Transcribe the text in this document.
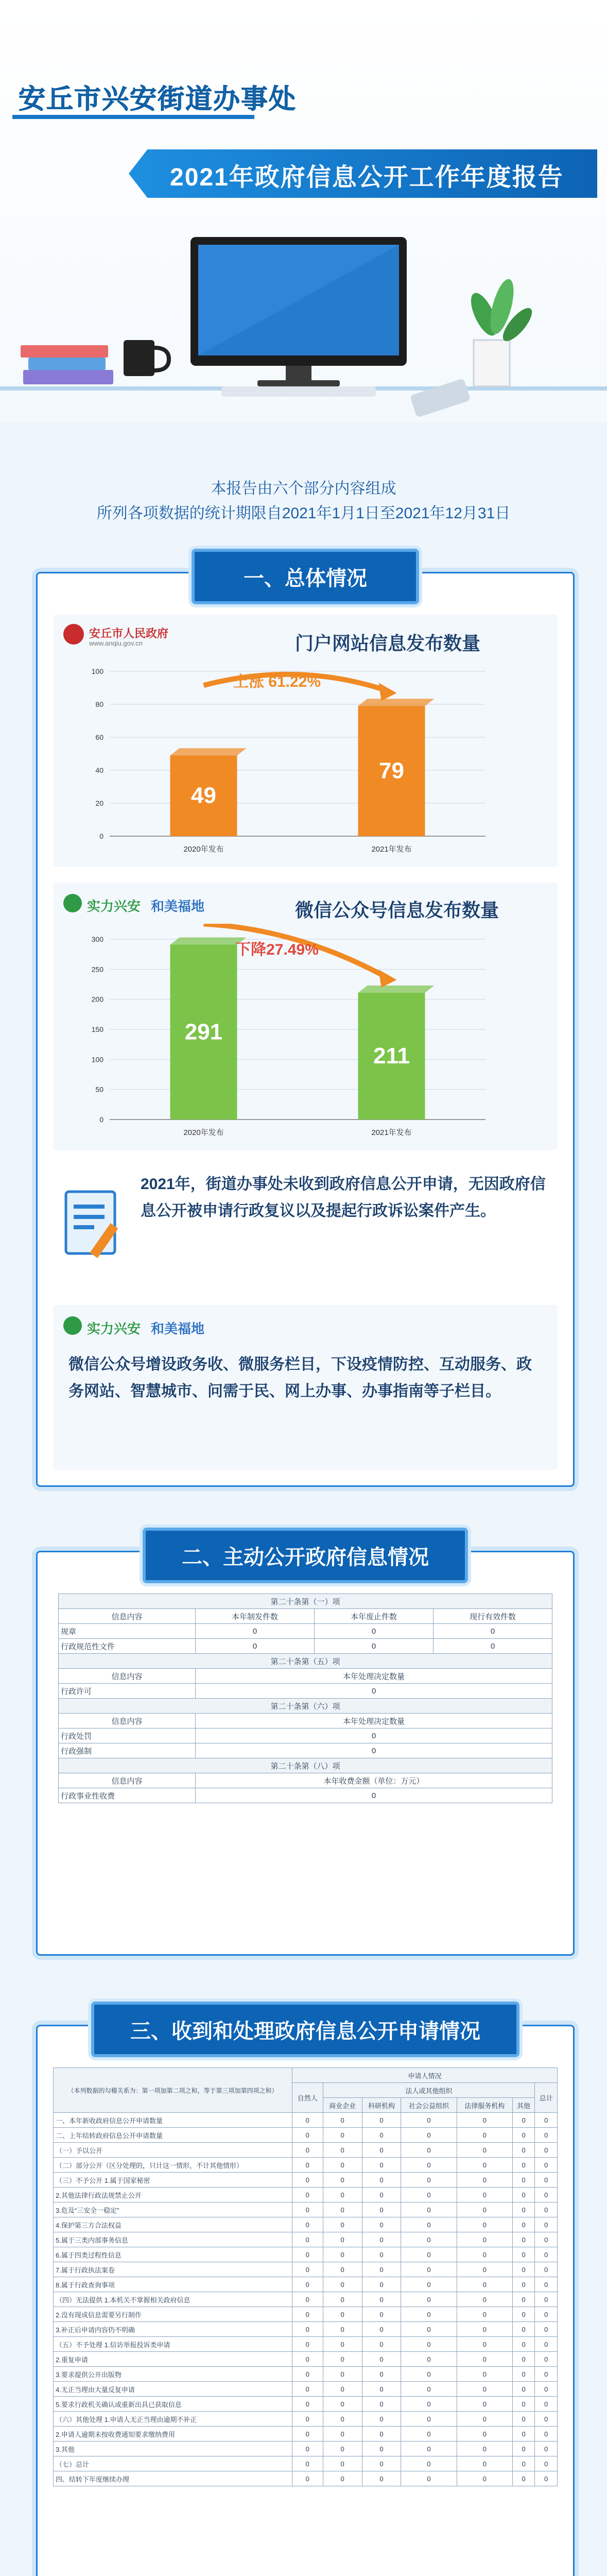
安丘市兴安街道办事处
2021年政府信息公开工作年度报告
本报告由六个部分内容组成
所列各项数据的统计期限自2021年1月1日至2021年12月31日
一、总体情况
安丘市人民政府
www.anqiu.gov.cn	门户网站信息发布数量
0
20
40
60
80
100
49
2020年发布
79
2021年发布
上涨 61.22%
实力兴安 和美福地	微信公众号信息发布数量
0
50
100
150
200
250
300
291
2020年发布
211
2021年发布
下降27.49%
2021年，街道办事处未收到政府信息公开申请，无因政府信息公开被申请行政复议以及提起行政诉讼案件产生。
实力兴安 和美福地
微信公众号增设政务收、微服务栏目，下设疫情防控、互动服务、政务网站、智慧城市、问需于民、网上办事、办事指南等子栏目。
二、主动公开政府信息情况
第二十条第（一）项			
信息内容	本年制发件数	本年废止件数	现行有效件数
规章	0	0	0
行政规范性文件	0	0	0
第二十条第（五）项			
信息内容	本年处理决定数量		
行政许可	0		
第二十条第（六）项			
信息内容	本年处理决定数量		
行政处罚	0		
行政强制	0		
第二十条第（八）项			
信息内容	本年收费金额（单位：万元）		
行政事业性收费	0		
三、收到和处理政府信息公开申请情况
（本列数据的勾稽关系为：第一项加第二项之和，等于第三项加第四项之和）	申请人情况						
	自然人	法人或其他组织					总计
		商业企业	科研机构	社会公益组织	法律服务机构	其他	
一、本年新收政府信息公开申请数量	0	0	0	0	0	0	0
二、上年结转政府信息公开申请数量	0	0	0	0	0	0	0
（一）予以公开	0	0	0	0	0	0	0
（二）部分公开（区分处理的，只计这一情形，不计其他情形）	0	0	0	0	0	0	0
（三）不予公开 1.属于国家秘密	0	0	0	0	0	0	0
2.其他法律行政法规禁止公开	0	0	0	0	0	0	0
3.危及“三安全一稳定”	0	0	0	0	0	0	0
4.保护第三方合法权益	0	0	0	0	0	0	0
5.属于三类内部事务信息	0	0	0	0	0	0	0
6.属于四类过程性信息	0	0	0	0	0	0	0
7.属于行政执法案卷	0	0	0	0	0	0	0
8.属于行政查询事项	0	0	0	0	0	0	0
（四）无法提供 1.本机关不掌握相关政府信息	0	0	0	0	0	0	0
2.没有现成信息需要另行制作	0	0	0	0	0	0	0
3.补正后申请内容仍不明确	0	0	0	0	0	0	0
（五）不予处理 1.信访举报投诉类申请	0	0	0	0	0	0	0
2.重复申请	0	0	0	0	0	0	0
3.要求提供公开出版物	0	0	0	0	0	0	0
4.无正当理由大量反复申请	0	0	0	0	0	0	0
5.要求行政机关确认或重新出具已获取信息	0	0	0	0	0	0	0
（六）其他处理 1.申请人无正当理由逾期不补正	0	0	0	0	0	0	0
2.申请人逾期未按收费通知要求缴纳费用	0	0	0	0	0	0	0
3.其他	0	0	0	0	0	0	0
（七）总计	0	0	0	0	0	0	0
四、结转下年度继续办理	0	0	0	0	0	0	0
